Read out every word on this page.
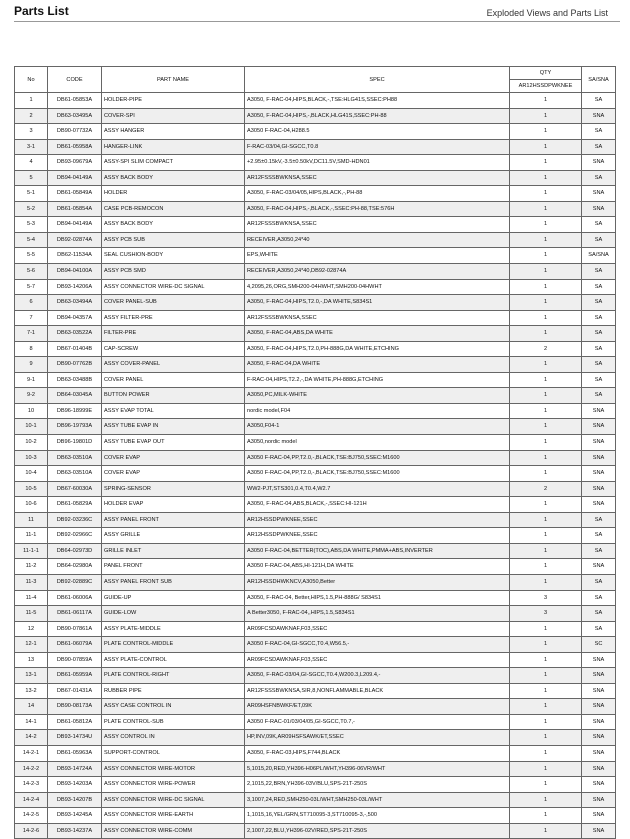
Parts List	Exploded Views and Parts List
No	CODE	PART NAME	SPEC	QTY	SA/SNA
				AR12HSSDPWKNEE	
1	DB61-05853A	HOLDER-PIPE	A3050, F-RAC-04,HIPS,BLACK,-,TSE:HLG41S,SSEC:PH88	1	SA
2	DB63-03495A	COVER-SPI	A3050, F-RAC-04,HIPS,-,BLACK,HLG41S,SSEC:PH-88	1	SNA
3	DB90-07732A	ASSY HANGER	A3050 F-RAC-04,H288.5	1	SA
3-1	DB61-05958A	HANGER-LINK	F-RAC-03/04,GI-SGCC,T0.8	1	SA
4	DB93-09679A	ASSY-SPI SLIM COMPACT	+2.95±0.15kV,-3.5±0.50kV,DC11.5V,SMD-HDN01	1	SNA
5	DB94-04149A	ASSY BACK BODY	AR12FSSSBWKNSA,SSEC	1	SA
5-1	DB61-05849A	HOLDER	A3050, F-RAC-03/04/05,HIPS,BLACK,-,PH-88	1	SNA
5-2	DB61-05854A	CASE PCB-REMOCON	A3050, F-RAC-04,HIPS,-,BLACK,-,SSEC:PH-88,TSE:576H	1	SNA
5-3	DB94-04149A	ASSY BACK BODY	AR12FSSSBWKNSA,SSEC	1	SA
5-4	DB92-02874A	ASSY PCB SUB	RECEIVER,A3050,24*40	1	SA
5-5	DB62-11534A	SEAL CUSHION-BODY	EPS,WHITE	1	SA/SNA
5-6	DB94-04100A	ASSY PCB SMD	RECEIVER,A3050,24*40,DB92-02874A	1	SA
5-7	DB93-14206A	ASSY CONNECTOR WIRE-DC SIGNAL	4,2095,26,ORG,SMH200-04HWHT,SMH200-04HWHT	1	SA
6	DB63-03494A	COVER PANEL-SUB	A3050, F-RAC-04,HIPS,T2.0,-,DA WHITE,S834S1	1	SA
7	DB94-04357A	ASSY FILTER-PRE	AR12FSSSBWKNSA,SSEC	1	SA
7-1	DB63-03522A	FILTER-PRE	A3050, F-RAC-04,ABS,DA WHITE	1	SA
8	DB67-01404B	CAP-SCREW	A3050, F-RAC-04,HIPS,T2.0,PH-888G,DA WHITE,ETCHING	2	SA
9	DB90-07762B	ASSY COVER-PANEL	A3050, F-RAC-04,DA WHITE	1	SA
9-1	DB63-03488B	COVER PANEL	F-RAC-04,HIPS,T2.2,-,DA WHITE,PH-888G,ETCHING	1	SA
9-2	DB64-03045A	BUTTON POWER	A3050,PC,MILK-WHITE	1	SA
10	DB96-18999E	ASSY EVAP TOTAL	nordic model,F04	1	SNA
10-1	DB96-19793A	ASSY TUBE EVAP IN	A3050,F04-1	1	SNA
10-2	DB96-19801D	ASSY TUBE EVAP OUT	A3050,nordic model	1	SNA
10-3	DB63-03510A	COVER EVAP	A3050 F-RAC-04,PP,T2.0,-,BLACK,TSE:BJ750,SSEC:M1600	1	SNA
10-4	DB63-03510A	COVER EVAP	A3050 F-RAC-04,PP,T2.0,-,BLACK,TSE:BJ750,SSEC:M1600	1	SNA
10-5	DB67-60030A	SPRING-SENSOR	WW2-PJT,STS301,0.4,T0.4,W2.7	2	SNA
10-6	DB61-05829A	HOLDER EVAP	A3050, F-RAC-04,ABS,BLACK,-,SSEC:HI-121H	1	SNA
11	DB92-03236C	ASSY PANEL FRONT	AR12HSSDPWKNEE,SSEC	1	SA
11-1	DB92-02966C	ASSY GRILLE	AR12HSSDPWKNEE,SSEC	1	SA
11-1-1	DB64-02973D	GRILLE INLET	A3050 F-RAC-04,BETTER(TOC),ABS,DA WHITE,PMMA+ABS,INVERTER	1	SA
11-2	DB64-02980A	PANEL FRONT	A3050 F-RAC-04,ABS,HI-121H,DA WHITE	1	SNA
11-3	DB92-02889C	ASSY PANEL FRONT SUB	AR12HSSDHWKNCV,A3050,Better	1	SA
11-4	DB61-06006A	GUIDE-UP	A3050, F-RAC-04, Better,HIPS,1.5,PH-888G/ S834S1	3	SA
11-5	DB61-06117A	GUIDE-LOW	A Better3050, F-RAC-04,,HIPS,1.5,S834S1	3	SA
12	DB90-07861A	ASSY PLATE-MIDDLE	AR09FCSDAWKNAF,F03,SSEC	1	SA
12-1	DB61-06079A	PLATE CONTROL-MIDDLE	A3050 F-RAC-04,GI-SGCC,T0.4,W56.5,-	1	SC
13	DB90-07859A	ASSY PLATE-CONTROL	AR09FCSDAWKNAF,F03,SSEC	1	SNA
13-1	DB61-05959A	PLATE CONTROL-RIGHT	A3050, F-RAC-03/04,GI-SGCC,T0.4,W200.3,L209.4,-	1	SNA
13-2	DB67-01431A	RUBBER PIPE	AR12FSSSBWKNSA,SIR,8,NONFLAMMABLE,BLACK	1	SNA
14	DB90-08173A	ASSY CASE CONTROL IN	AR09HSFNBWKF/ET,09K	1	SNA
14-1	DB61-05812A	PLATE CONTROL-SUB	A3050 F-RAC-01/03/04/05,GI-SGCC,T0.7,-	1	SNA
14-2	DB93-14734U	ASSY CONTROL IN	HP,INV,09K,AR09HSFSAWK/ET,SSEC	1	SNA
14-2-1	DB61-05963A	SUPPORT-CONTROL	A3050, F-RAC-03,HIPS,F744,BLACK	1	SNA
14-2-2	DB93-14724A	ASSY CONNECTOR WIRE-MOTOR	5,1015,20,RED,YH396-H06PL/WHT,YH396-06VR/WHT	1	SNA
14-2-3	DB93-14203A	ASSY CONNECTOR WIRE-POWER	2,1015,22,BRN,YH396-03V/BLU,SPS-21T-250S	1	SNA
14-2-4	DB93-14207B	ASSY CONNECTOR WIRE-DC SIGNAL	3,1007,24,RED,SMH250-03L/WHT,SMH250-03L/WHT	1	SNA
14-2-5	DB93-14245A	ASSY CONNECTOR WIRE-EARTH	1,1015,16,YEL/GRN,ST710095-3,ST710095-3,-,500	1	SNA
14-2-6	DB93-14237A	ASSY CONNECTOR WIRE-COMM	2,1007,22,BLU,YH396-02V/RED,SPS-21T-250S	1	SNA
